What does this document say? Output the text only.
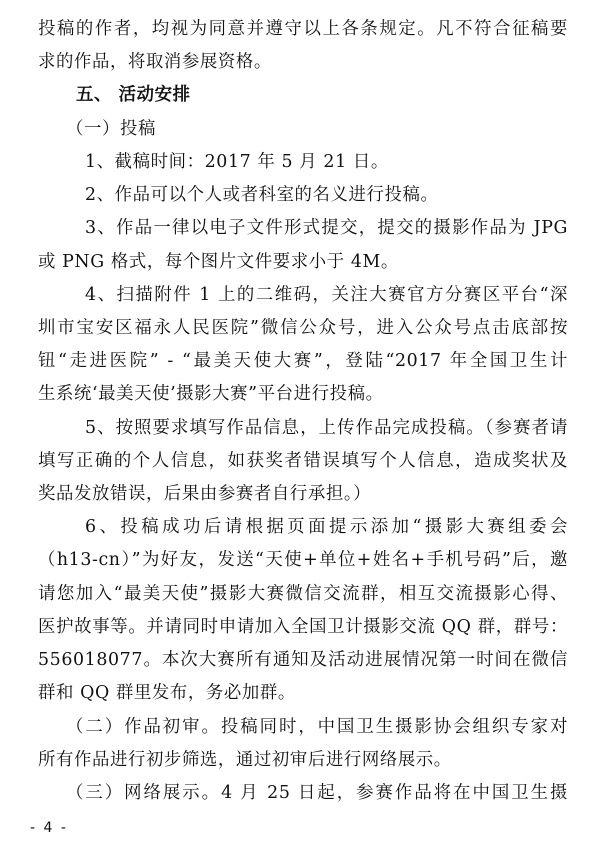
投稿的作者，均视为同意并遵守以上各条规定。凡不符合征稿要
求的作品，将取消参展资格。
五、 活动安排
（一）投稿
1、截稿时间：2017 年 5 月 21 日。
2、作品可以个人或者科室的名义进行投稿。
3、作品一律以电子文件形式提交，提交的摄影作品为 JPG
或 PNG 格式，每个图片文件要求小于 4M。
4、扫描附件 1 上的二维码，关注大赛官方分赛区平台“深
圳市宝安区福永人民医院”微信公众号，进入公众号点击底部按
钮“走进医院” - “最美天使大赛”，登陆“2017 年全国卫生计
生系统‘最美天使’摄影大赛”平台进行投稿。
5、按照要求填写作品信息，上传作品完成投稿。（参赛者请
填写正确的个人信息，如获奖者错误填写个人信息，造成奖状及
奖品发放错误，后果由参赛者自行承担。）
6、投稿成功后请根据页面提示添加“摄影大赛组委会
（h13-cn）”为好友，发送“天使+单位+姓名+手机号码”后，邀
请您加入“最美天使”摄影大赛微信交流群，相互交流摄影心得、
医护故事等。并请同时申请加入全国卫计摄影交流 QQ 群，群号：
556018077。本次大赛所有通知及活动进展情况第一时间在微信
群和 QQ 群里发布，务必加群。
（二）作品初审。投稿同时，中国卫生摄影协会组织专家对
所有作品进行初步筛选，通过初审后进行网络展示。
（三）网络展示。4 月 25 日起，参赛作品将在中国卫生摄
- 4 -
